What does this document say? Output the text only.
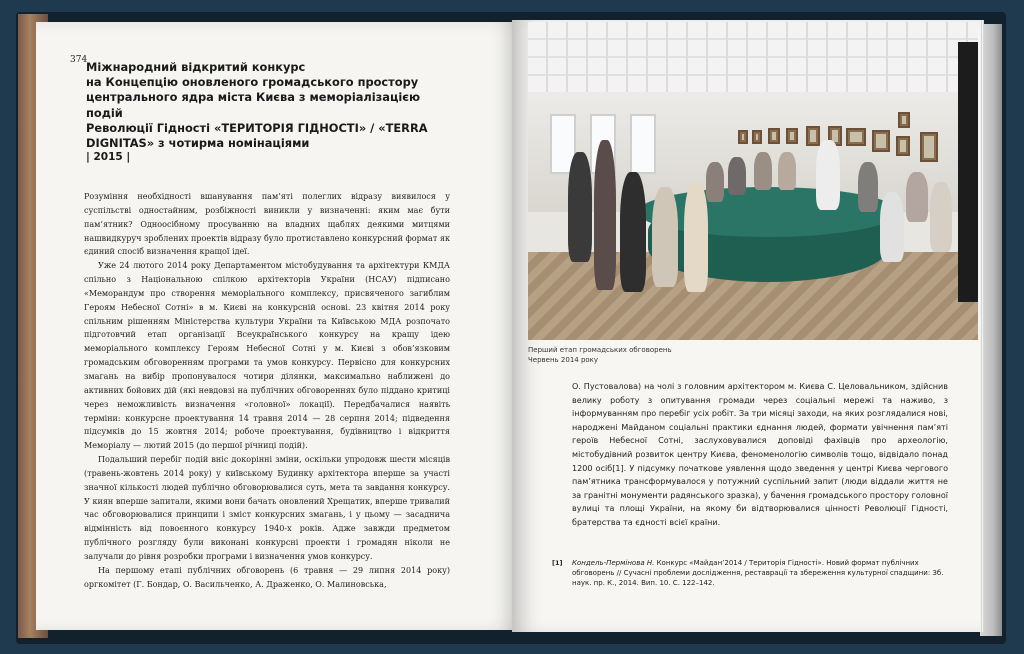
374
Міжнародний відкритий конкурс
на Концепцію оновленого громадського простору
центрального ядра міста Києва з меморіалізацією подій
Революції Гідності «ТЕРИТОРІЯ ГІДНОСТІ» / «TERRA
DIGNITAS» з чотирма номінаціями
| 2015 |

Розуміння необхідності вшанування пам’яті полеглих відразу виявилося у суспільстві одностайним, розбіжності виникли у визначенні: яким має бути пам’ятник? Одноосібному просуванню на владних щаблях деякими митцями нашвидкуруч зроблених проектів відразу було протиставлено конкурсний формат як єдиний спосіб визначення кращої ідеї.

Уже 24 лютого 2014 року Департаментом містобудування та архітектури КМДА спільно з Національною спілкою архітекторів України (НСАУ) підписано «Меморандум про створення меморіального комплексу, присвяченого загиблим Героям Небесної Сотні» в м. Києві на конкурсній основі. 23 квітня 2014 року спільним рішенням Міністерства культури України та Київською МДА розпочато підготовчий етап організації Всеукраїнського конкурсу на кращу ідею меморіального комплексу Героям Небесної Сотні у м. Києві з обов’язковим громадським обговоренням програми та умов конкурсу. Первісно для конкурсних змагань на вибір пропонувалося чотири ділянки, максимально наближені до активних бойових дій (які невдовзі на публічних обговореннях було піддано критиці через неможливість визначення «головної» локації). Передбачалися наявіть терміни: конкурсне проектування 14 травня 2014 — 28 серпня 2014; підведення підсумків до 15 жовтня 2014; робоче проектування, будівництво і відкриття Меморіалу — лютий 2015 (до першої річниці подій).

Подальший перебіг подій вніс докорінні зміни, оскільки упродовж шести місяців (травень-жовтень 2014 року) у київському Будинку архітектора вперше за участі значної кількості людей публічно обговорювалися суть, мета та завдання конкурсу. У киян вперше запитали, якими вони бачать оновлений Хрещатик, вперше тривалий час обговорювалися принципи і зміст конкурсних змагань, і у цьому — засаднича відмінність від повоєнного конкурсу 1940-х років. Адже завжди предметом публічного розгляду були виконані конкурсні проекти і громадян ніколи не залучали до рівня розробки програми і визначення умов конкурсу.

На першому етапі публічних обговорень (6 травня — 29 липня 2014 року) оргкомітет (Г. Бондар, О. Васильченко, А. Драженко, О. Малиновська,

Перший етап громадських обговорень
Червень 2014 року

О. Пустовалова) на чолі з головним архітектором м. Києва С. Целовальником, здійснив велику роботу з опитування громади через соціальні мережі та наживо, з інформуванням про перебіг усіх робіт. За три місяці заходи, на яких розглядалися нові, народжені Майданом соціальні практики єднання людей, формати увічнення пам’яті героїв Небесної Сотні, заслуховувалися доповіді фахівців про археологію, містобудівний розвиток центру Києва, феноменологію символів тощо, відвідало понад 1200 осіб[1]. У підсумку початкове уявлення щодо зведення у центрі Києва чергового пам’ятника трансформувалося у потужний суспільний запит (люди віддали життя не за гранітні монументи радянського зразка), у бачення громадського простору головної вулиці та площі України, на якому би відтворювалися цінності Революції Гідності, братерства та єдності всієї країни.

[1] Кондель-Пермінова Н. Конкурс «Майдан’2014 / Територія Гідності». Новий формат публічних обговорень // Сучасні проблеми дослідження, реставрації та збереження культурної спадщини: Зб. наук. пр. К., 2014. Вип. 10. С. 122–142.
